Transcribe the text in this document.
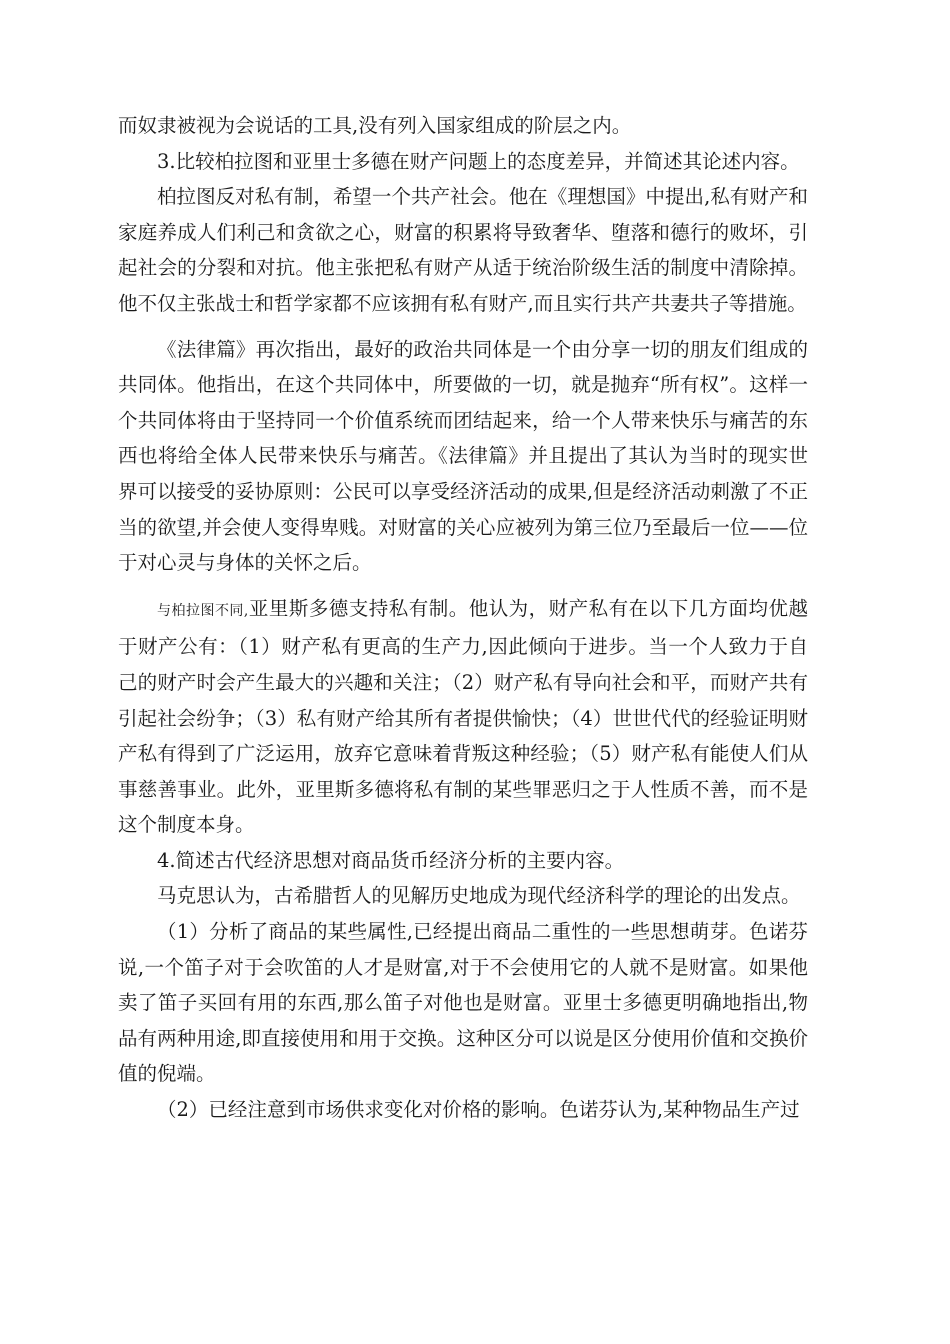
而奴隶被视为会说话的工具,没有列入国家组成的阶层之内。

3.比较柏拉图和亚里士多德在财产问题上的态度差异，并简述其论述内容。

柏拉图反对私有制，希望一个共产社会。他在《理想国》中提出,私有财产和家庭养成人们利己和贪欲之心，财富的积累将导致奢华、堕落和德行的败坏，引起社会的分裂和对抗。他主张把私有财产从适于统治阶级生活的制度中清除掉。他不仅主张战士和哲学家都不应该拥有私有财产,而且实行共产共妻共子等措施。

《法律篇》再次指出，最好的政治共同体是一个由分享一切的朋友们组成的共同体。他指出，在这个共同体中，所要做的一切，就是抛弃“所有权”。这样一个共同体将由于坚持同一个价值系统而团结起来，给一个人带来快乐与痛苦的东西也将给全体人民带来快乐与痛苦。《法律篇》并且提出了其认为当时的现实世界可以接受的妥协原则：公民可以享受经济活动的成果,但是经济活动刺激了不正当的欲望,并会使人变得卑贱。对财富的关心应被列为第三位乃至最后一位——位于对心灵与身体的关怀之后。

与柏拉图不同,亚里斯多德支持私有制。他认为，财产私有在以下几方面均优越于财产公有：（1）财产私有更高的生产力,因此倾向于进步。当一个人致力于自己的财产时会产生最大的兴趣和关注；（2）财产私有导向社会和平，而财产共有引起社会纷争；（3）私有财产给其所有者提供愉快；（4）世世代代的经验证明财产私有得到了广泛运用，放弃它意味着背叛这种经验；（5）财产私有能使人们从事慈善事业。此外，亚里斯多德将私有制的某些罪恶归之于人性质不善，而不是这个制度本身。

4.简述古代经济思想对商品货币经济分析的主要内容。

马克思认为，古希腊哲人的见解历史地成为现代经济科学的理论的出发点。

（1）分析了商品的某些属性,已经提出商品二重性的一些思想萌芽。色诺芬说,一个笛子对于会吹笛的人才是财富,对于不会使用它的人就不是财富。如果他卖了笛子买回有用的东西,那么笛子对他也是财富。亚里士多德更明确地指出,物品有两种用途,即直接使用和用于交换。这种区分可以说是区分使用价值和交换价值的倪端。

（2）已经注意到市场供求变化对价格的影响。色诺芬认为,某种物品生产过
